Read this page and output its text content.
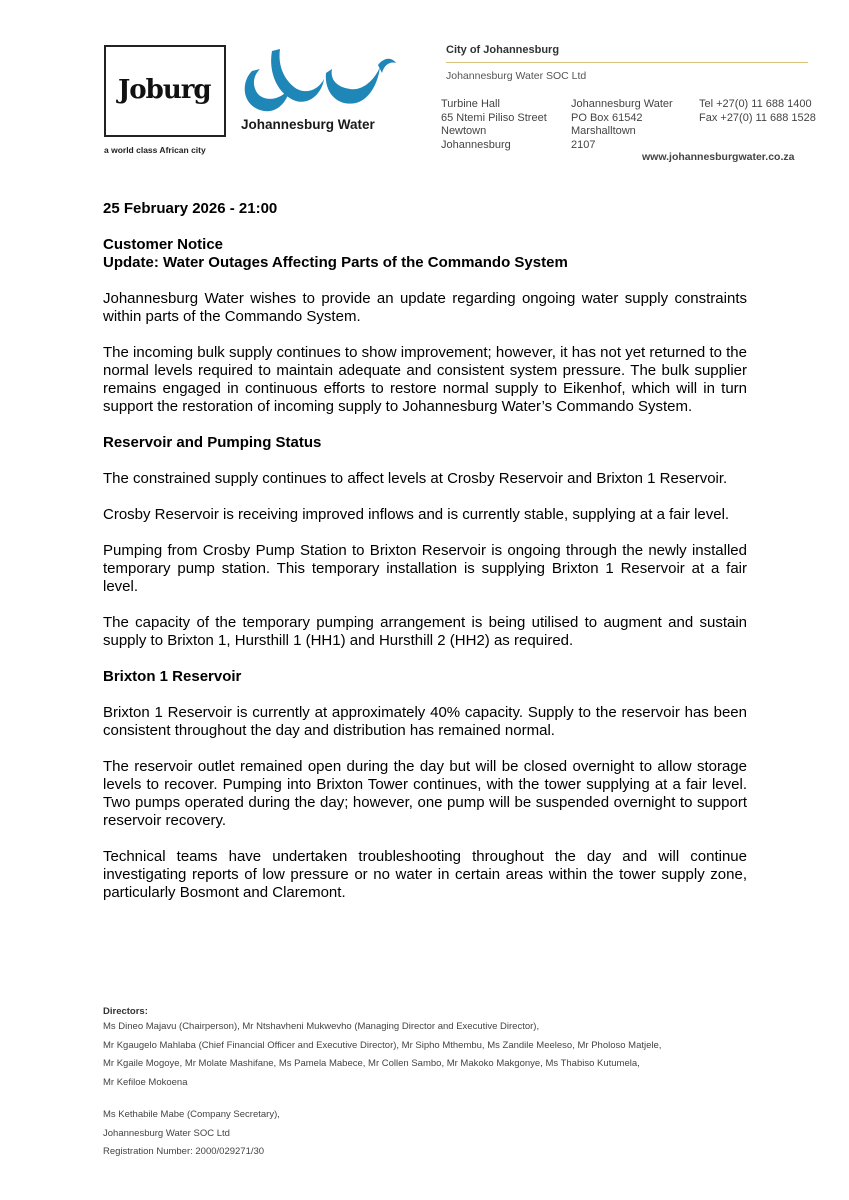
Joburg
a world class African city
Johannesburg Water
City of Johannesburg
Johannesburg Water SOC Ltd
Turbine Hall
65 Ntemi Piliso Street
Newtown
Johannesburg
Johannesburg Water
PO Box 61542
Marshalltown
2107
Tel +27(0) 11 688 1400
Fax +27(0) 11 688 1528
www.johannesburgwater.co.za

25 February 2026 - 21:00

Customer Notice

Update: Water Outages Affecting Parts of the Commando System

Johannesburg Water wishes to provide an update regarding ongoing water supply constraints within parts of the Commando System.

The incoming bulk supply continues to show improvement; however, it has not yet returned to the normal levels required to maintain adequate and consistent system pressure. The bulk supplier remains engaged in continuous efforts to restore normal supply to Eikenhof, which will in turn support the restoration of incoming supply to Johannesburg Water’s Commando System.

Reservoir and Pumping Status

The constrained supply continues to affect levels at Crosby Reservoir and Brixton 1 Reservoir.

Crosby Reservoir is receiving improved inflows and is currently stable, supplying at a fair level.

Pumping from Crosby Pump Station to Brixton Reservoir is ongoing through the newly installed temporary pump station. This temporary installation is supplying Brixton 1 Reservoir at a fair level.

The capacity of the temporary pumping arrangement is being utilised to augment and sustain supply to Brixton 1, Hursthill 1 (HH1) and Hursthill 2 (HH2) as required.

Brixton 1 Reservoir

Brixton 1 Reservoir is currently at approximately 40% capacity. Supply to the reservoir has been consistent throughout the day and distribution has remained normal.

The reservoir outlet remained open during the day but will be closed overnight to allow storage levels to recover. Pumping into Brixton Tower continues, with the tower supplying at a fair level. Two pumps operated during the day; however, one pump will be suspended overnight to support reservoir recovery.

Technical teams have undertaken troubleshooting throughout the day and will continue investigating reports of low pressure or no water in certain areas within the tower supply zone, particularly Bosmont and Claremont.

Directors:
Ms Dineo Majavu (Chairperson), Mr Ntshavheni Mukwevho (Managing Director and Executive Director),
Mr Kgaugelo Mahlaba (Chief Financial Officer and Executive Director), Mr Sipho Mthembu, Ms Zandile Meeleso, Mr Pholoso Matjele,
Mr Kgaile Mogoye, Mr Molate Mashifane, Ms Pamela Mabece, Mr Collen Sambo, Mr Makoko Makgonye, Ms Thabiso Kutumela,
Mr Kefiloe Mokoena
Ms Kethabile Mabe (Company Secretary),
Johannesburg Water SOC Ltd
Registration Number: 2000/029271/30
